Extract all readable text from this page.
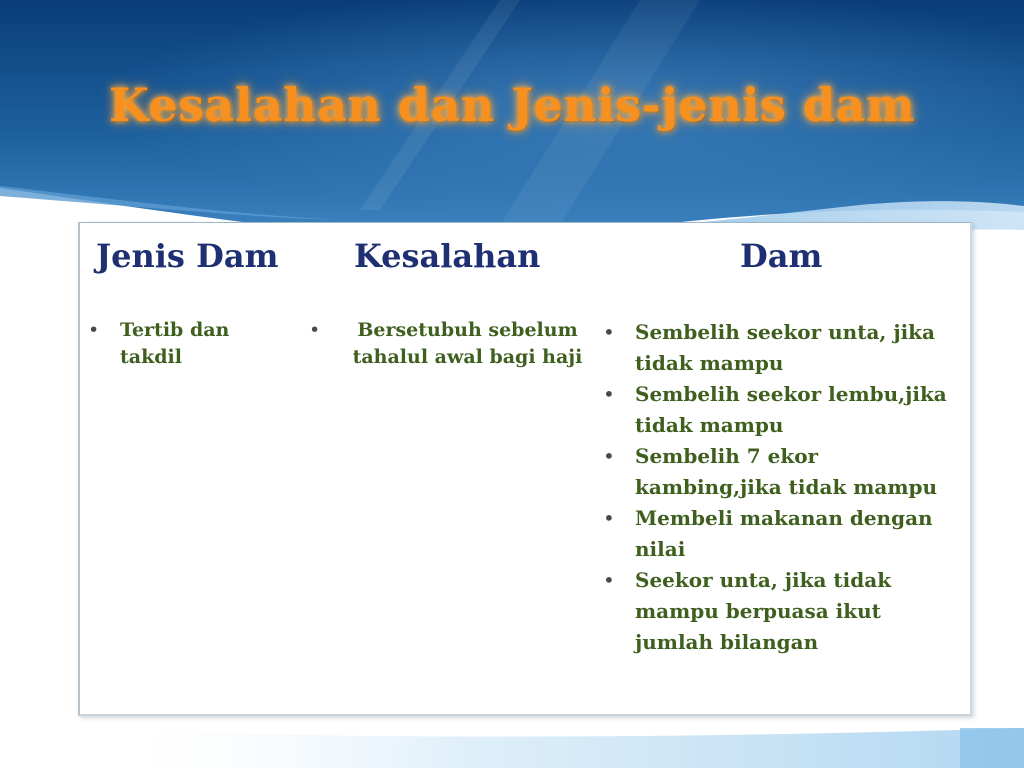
Kesalahan dan Jenis-jenis dam
Jenis Dam
• Tertib dan takdil
Kesalahan
• Bersetubuh sebelum tahalul awal bagi haji
Dam
• Sembelih seekor unta, jika tidak mampu
• Sembelih seekor lembu,jika tidak mampu
• Sembelih 7 ekor kambing,jika tidak mampu
• Membeli makanan dengan nilai
• Seekor unta, jika tidak mampu berpuasa ikut jumlah bilangan
